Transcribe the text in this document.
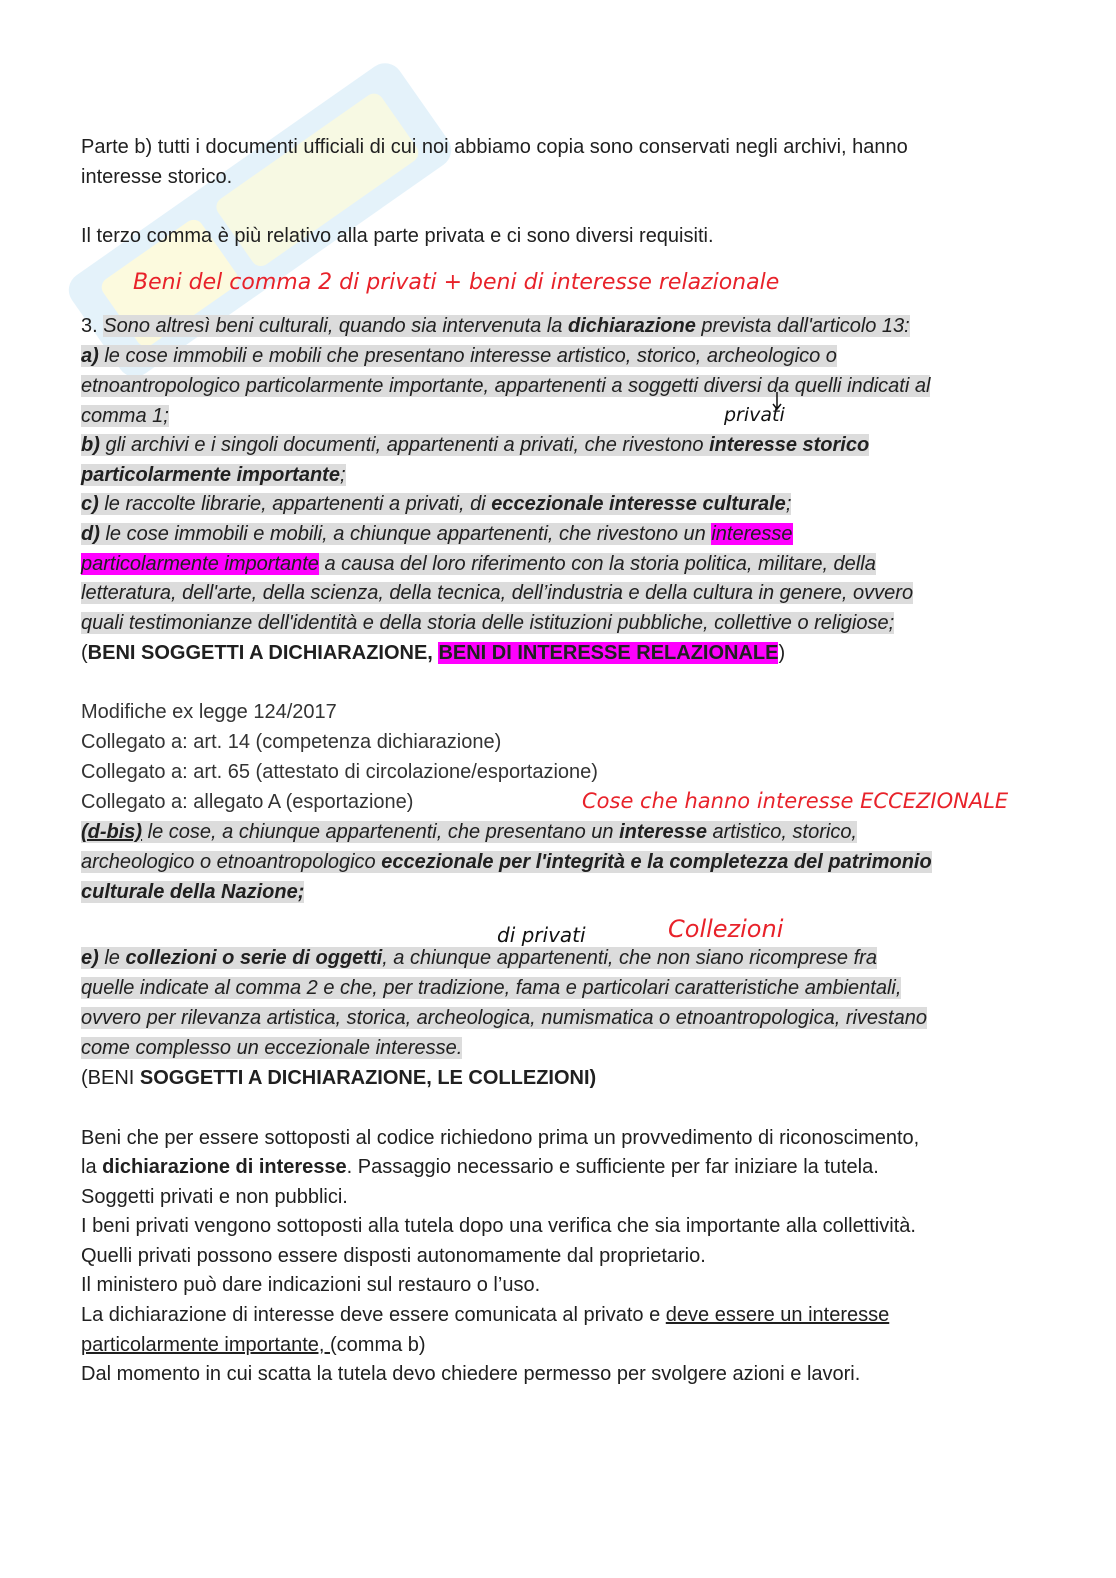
Parte b) tutti i documenti ufficiali di cui noi abbiamo copia sono conservati negli archivi, hanno
interesse storico.
Il terzo comma è più relativo alla parte privata e ci sono diversi requisiti.
Beni del comma 2 di privati + beni di interesse relazionale
3. Sono altresì beni culturali, quando sia intervenuta la dichiarazione prevista dall'articolo 13:
a) le cose immobili e mobili che presentano interesse artistico, storico, archeologico o
etnoantropologico particolarmente importante, appartenenti a soggetti diversi da quelli indicati al
comma 1;	privati
b) gli archivi e i singoli documenti, appartenenti a privati, che rivestono interesse storico
particolarmente importante;
c) le raccolte librarie, appartenenti a privati, di eccezionale interesse culturale;
d) le cose immobili e mobili, a chiunque appartenenti, che rivestono un interesse
particolarmente importante a causa del loro riferimento con la storia politica, militare, della
letteratura, dell'arte, della scienza, della tecnica, dell’industria e della cultura in genere, ovvero
quali testimonianze dell'identità e della storia delle istituzioni pubbliche, collettive o religiose;
(BENI SOGGETTI A DICHIARAZIONE, BENI DI INTERESSE RELAZIONALE)
Modifiche ex legge 124/2017
Collegato a: art. 14 (competenza dichiarazione)
Collegato a: art. 65 (attestato di circolazione/esportazione)
Collegato a: allegato A (esportazione)	Cose che hanno interesse ECCEZIONALE
(d-bis) le cose, a chiunque appartenenti, che presentano un interesse artistico, storico,
archeologico o etnoantropologico eccezionale per l'integrità e la completezza del patrimonio
culturale della Nazione;
di privati	Collezioni
e) le collezioni o serie di oggetti, a chiunque appartenenti, che non siano ricomprese fra
quelle indicate al comma 2 e che, per tradizione, fama e particolari caratteristiche ambientali,
ovvero per rilevanza artistica, storica, archeologica, numismatica o etnoantropologica, rivestano
come complesso un eccezionale interesse.
(BENI SOGGETTI A DICHIARAZIONE, LE COLLEZIONI)
Beni che per essere sottoposti al codice richiedono prima un provvedimento di riconoscimento,
la dichiarazione di interesse. Passaggio necessario e sufficiente per far iniziare la tutela.
Soggetti privati e non pubblici.
I beni privati vengono sottoposti alla tutela dopo una verifica che sia importante alla collettività.
Quelli privati possono essere disposti autonomamente dal proprietario.
Il ministero può dare indicazioni sul restauro o l’uso.
La dichiarazione di interesse deve essere comunicata al privato e deve essere un interesse
particolarmente importante, (comma b)
Dal momento in cui scatta la tutela devo chiedere permesso per svolgere azioni e lavori.
